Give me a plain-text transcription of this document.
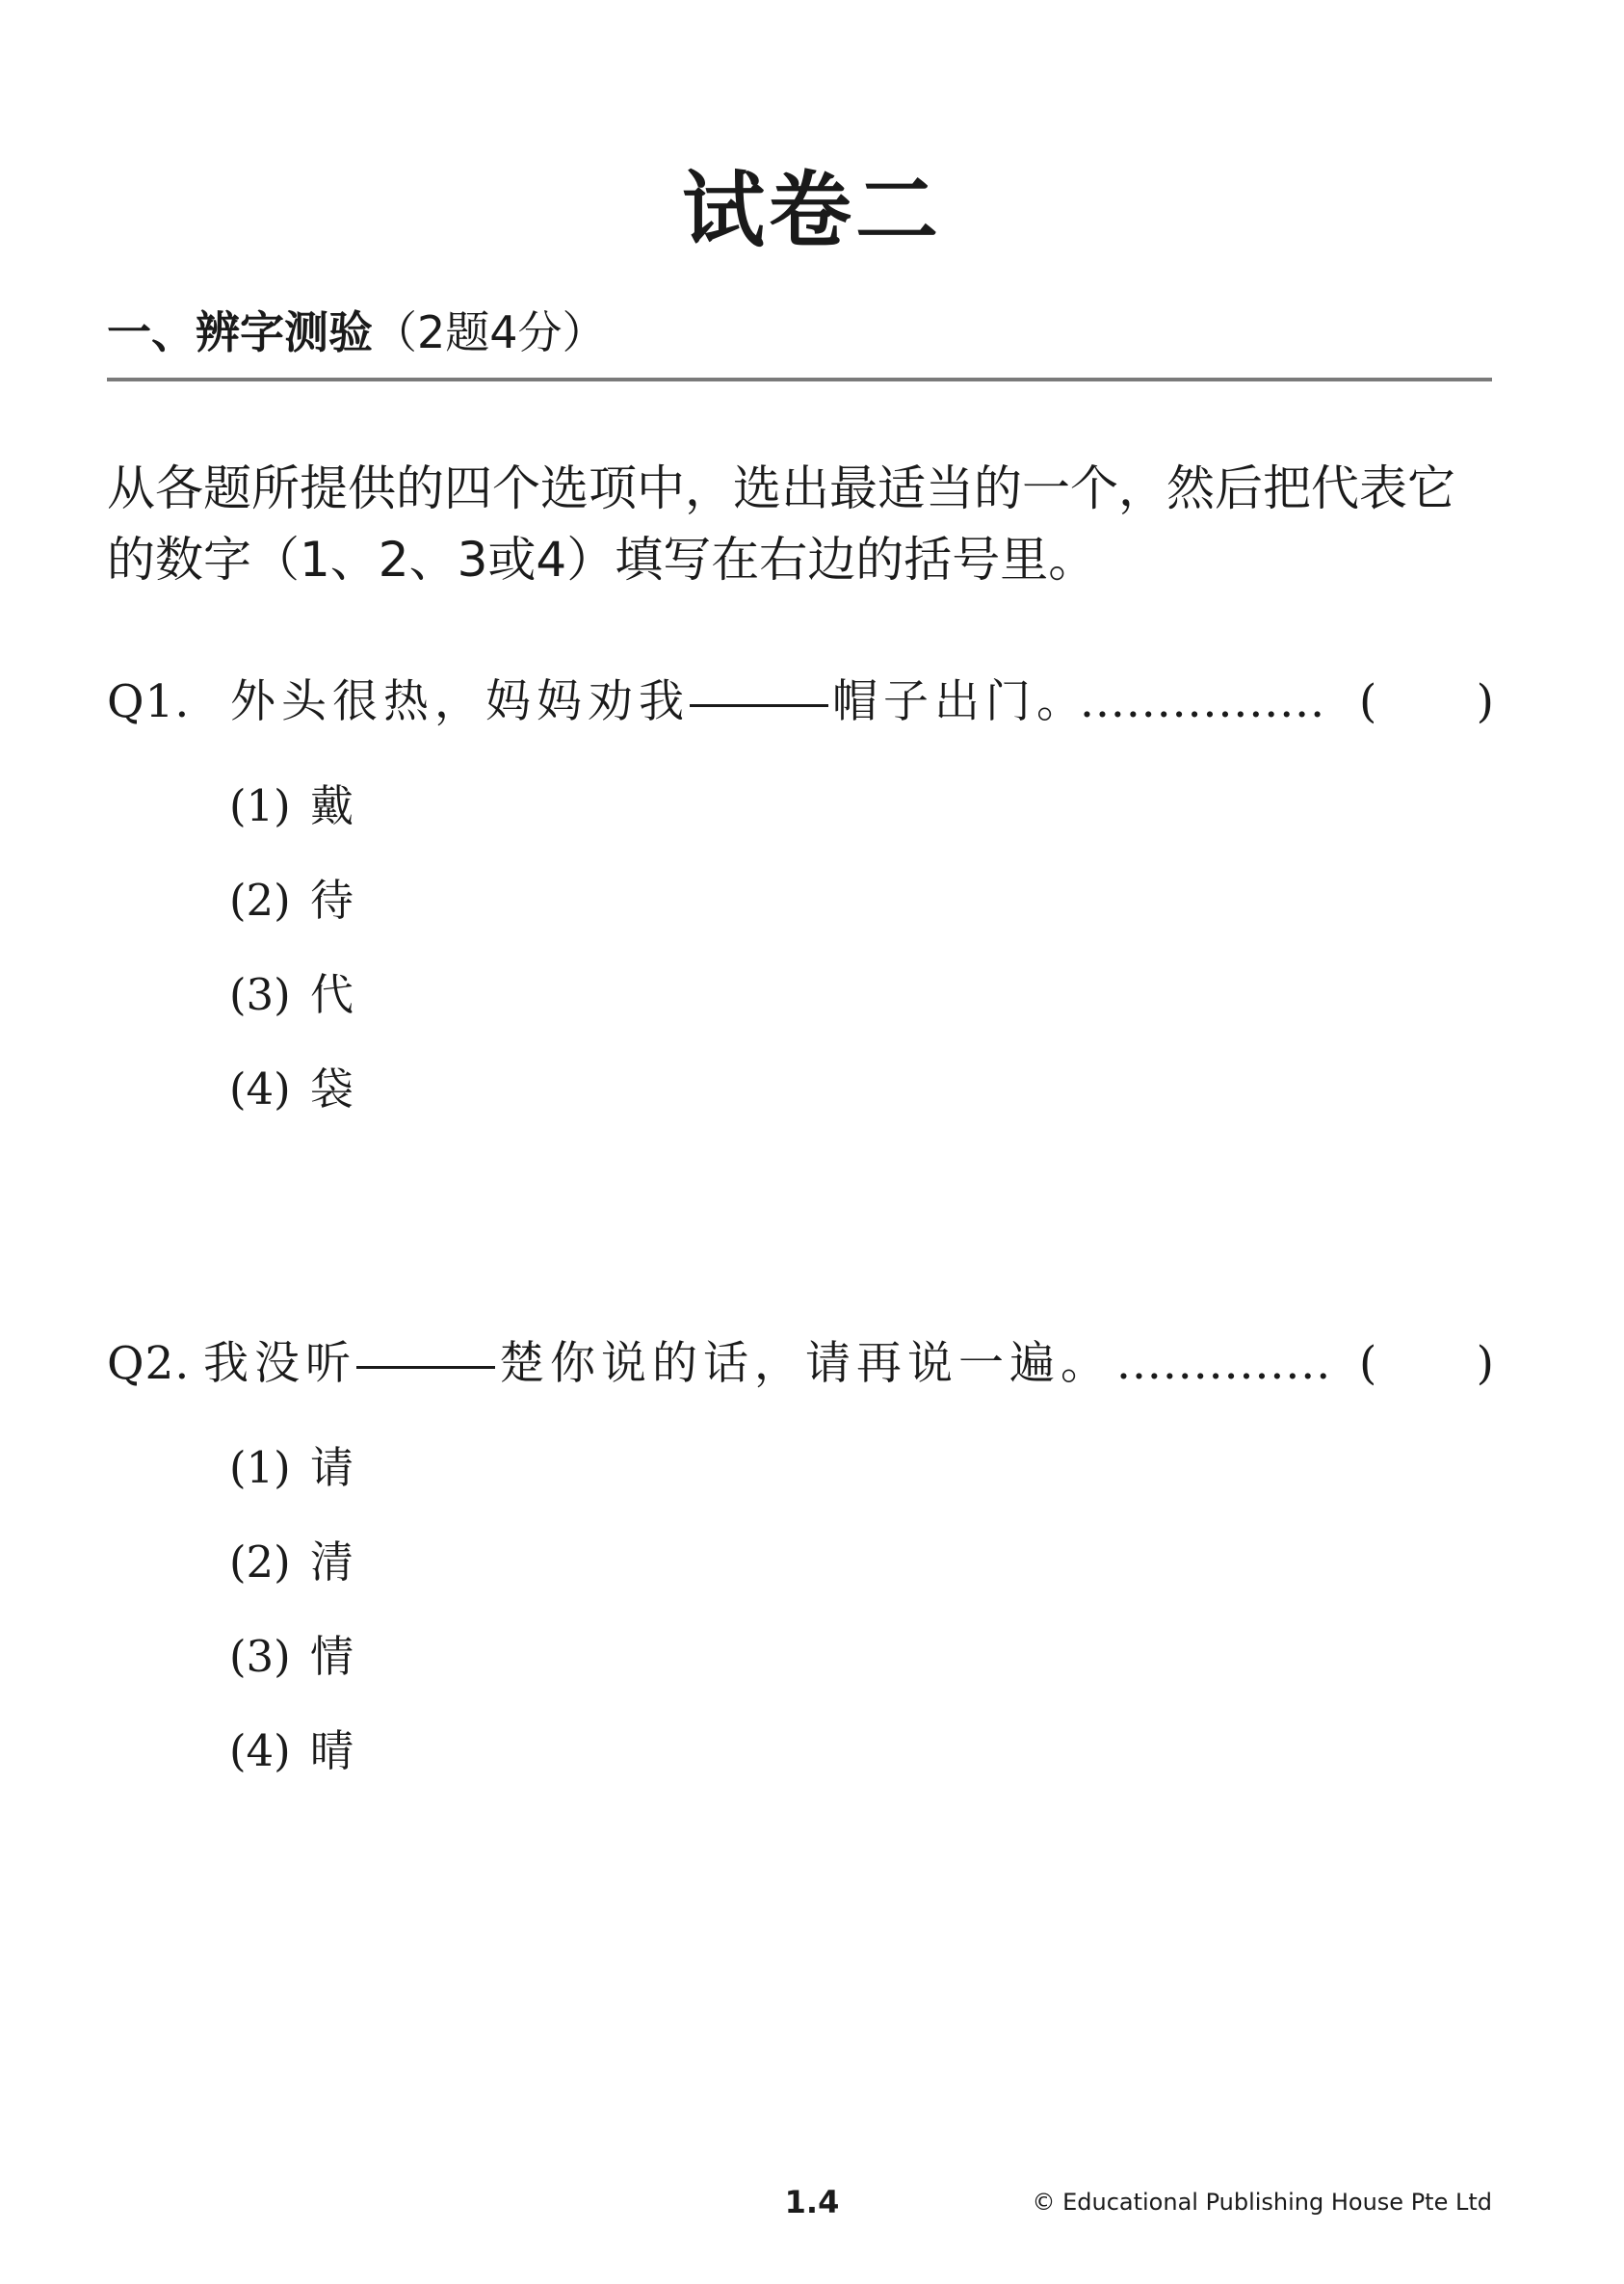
试卷二
一、辨字测验（2题4分）

从各题所提供的四个选项中，选出最适当的一个，然后把代表它的数字（1、2、3或4）填写在右边的括号里。

Q1. 外头很热，妈妈劝我	帽子出门。
................ ( )
(1) 戴
(2) 待
(3) 代
(4) 袋
Q2. 我没听	楚你说的话，请再说一遍。 .............. ( )
(1) 请
(2) 清
(3) 情
(4) 晴
1.4	© Educational Publishing House Pte Ltd
